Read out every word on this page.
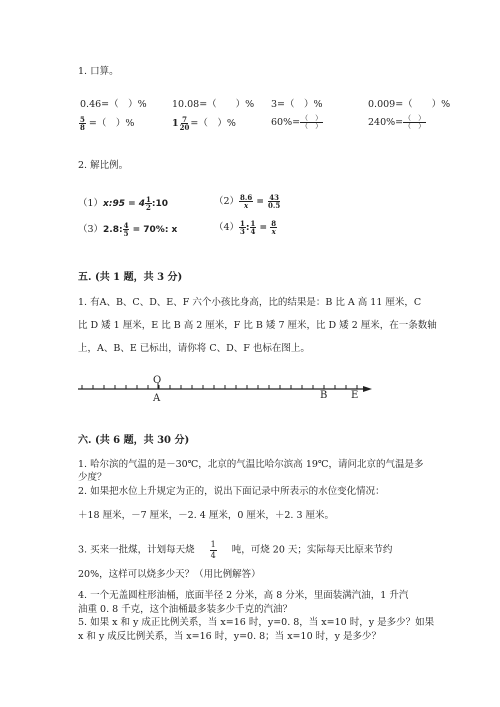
1. 口算。
0.46=（　）%	10.08=（　　）% 3=（　）%	0.009=（　　）%
$\frac{5}{8}$ =（　）%	$1 \frac{7}{20}$ =（　）%	$60\%= \frac{( )}{( )}$	$240\%= \frac{( )}{( )}$
2. 解比例。
（1）x:95 = $4 \frac{1}{2}$ :10	$(2) \frac{8.6}{x} = \frac{43}{0.5}$
（3）2.8: $\frac{4}{5} = 70\%$: x	$(4) \frac{1}{3}$ : $\frac{1}{4} = \frac{8}{x}$
五. (共 1 题，共 3 分)
1. 有A、B、C、D、E、F 六个小孩比身高，比的结果是：B 比 A 高 11 厘米，C
比 D 矮 1 厘米，E 比 B 高 2 厘米，F 比 B 矮 7 厘米，比 D 矮 2 厘米，在一条数轴
上，A、B、E 已标出，请你将 C、D、F 也标在图上。
O
A	B E
六. (共 6 题，共 30 分)
1. 哈尔滨的气温的是－30℃，北京的气温比哈尔滨高 19℃，请问北京的气温是多
少度？
2. 如果把水位上升规定为正的，说出下面记录中所表示的水位变化情况：
＋18 厘米，－7 厘米，－2. 4 厘米，0 厘米，＋2. 3 厘米。
3. 买来一批煤，计划每天烧 $\frac{1}{4}$ 吨，可烧 20 天；实际每天比原来节约
20%，这样可以烧多少天？（用比例解答）
4. 一个无盖圆柱形油桶，底面半径 2 分米，高 8 分米，里面装满汽油，1 升汽
油重 0. 8 千克，这个油桶最多装多少千克的汽油？
5. 如果 x 和 y 成正比例关系，当 x=16 时，y=0. 8，当 x=10 时，y 是多少？如果
x 和 y 成反比例关系，当 x=16 时，y=0. 8；当 x=10 时，y 是多少？
